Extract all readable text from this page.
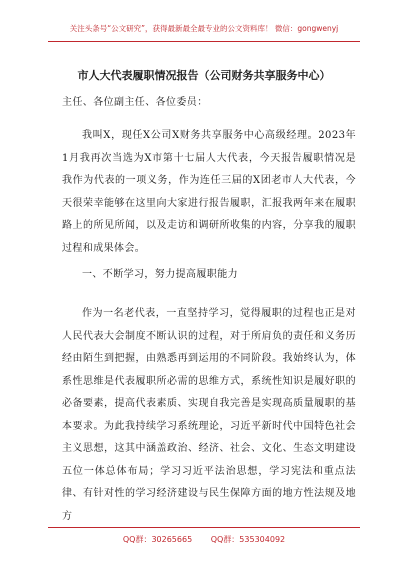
关注头条号“公文研究”，获得最新最全最专业的公文资料库！ 微信：gongwenyj
市人大代表履职情况报告（公司财务共享服务中心）
主任、各位副主任、各位委员：
我叫X，现任X公司X财务共享服务中心高级经理。2023年1月我再次当选为X市第十七届人大代表，今天报告履职情况是我作为代表的一项义务，作为连任三届的X团老市人大代表，今天很荣幸能够在这里向大家进行报告履职，汇报我两年来在履职路上的所见所闻，以及走访和调研所收集的内容，分享我的履职过程和成果体会。
一、不断学习，努力提高履职能力
作为一名老代表，一直坚持学习，觉得履职的过程也正是对人民代表大会制度不断认识的过程，对于所肩负的责任和义务历经由陌生到把握，由熟悉再到运用的不同阶段。我始终认为，体系性思维是代表履职所必需的思维方式，系统性知识是履好职的必备要素，提高代表素质、实现自我完善是实现高质量履职的基本要求。为此我持续学习系统理论，习近平新时代中国特色社会主义思想，这其中涵盖政治、经济、社会、文化、生态文明建设五位一体总体布局；学习习近平法治思想，学习宪法和重点法律、有针对性的学习经济建设与民生保障方面的地方性法规及地方
QQ群：30265665 QQ群：535304092
